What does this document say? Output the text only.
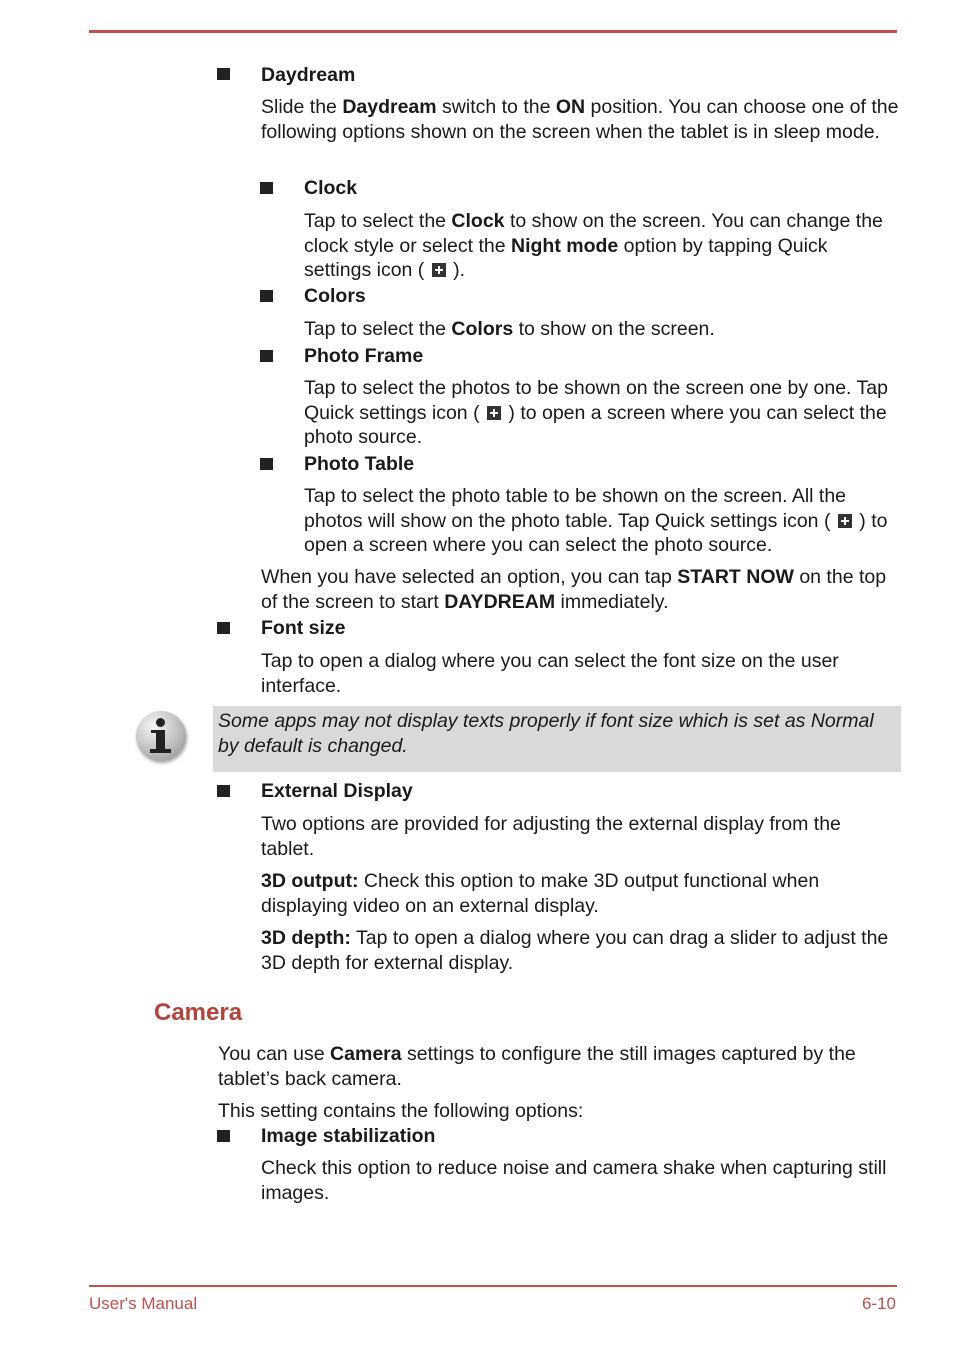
Daydream
Slide the Daydream switch to the ON position. You can choose one of the following options shown on the screen when the tablet is in sleep mode.
Clock
Tap to select the Clock to show on the screen. You can change the clock style or select the Night mode option by tapping Quick settings icon (  ).
Colors
Tap to select the Colors to show on the screen.
Photo Frame
Tap to select the photos to be shown on the screen one by one. Tap Quick settings icon (  ) to open a screen where you can select the photo source.
Photo Table
Tap to select the photo table to be shown on the screen. All the photos will show on the photo table. Tap Quick settings icon (  ) to open a screen where you can select the photo source.
When you have selected an option, you can tap START NOW on the top of the screen to start DAYDREAM immediately.
Font size
Tap to open a dialog where you can select the font size on the user interface.
Some apps may not display texts properly if font size which is set as Normal by default is changed.
External Display
Two options are provided for adjusting the external display from the tablet.
3D output: Check this option to make 3D output functional when displaying video on an external display.
3D depth: Tap to open a dialog where you can drag a slider to adjust the 3D depth for external display.
Camera
You can use Camera settings to configure the still images captured by the tablet’s back camera.
This setting contains the following options:
Image stabilization
Check this option to reduce noise and camera shake when capturing still images.
User's Manual	6-10
